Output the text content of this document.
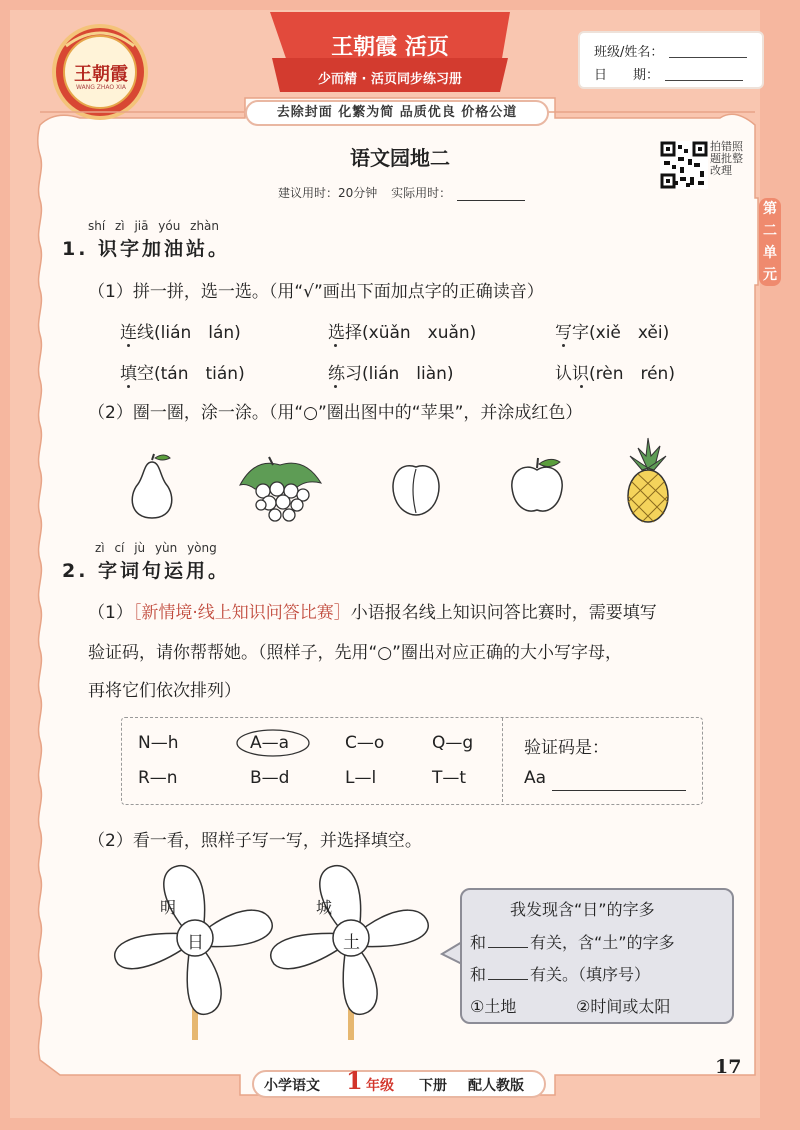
王朝霞
WANG ZHAO XIA
王朝霞 活页
少而精 · 活页同步练习册
去除封面 化繁为简 品质优良 价格公道
班级/姓名：
日　　期：
拍错照题批整改理
第二单元
语文园地二
建议用时：20分钟 实际用时：
shí zì jiā yóu zhàn
1. 识字加油站。
（1）拼一拼，选一选。（用“√”画出下面加点字的正确读音）
连线(lián　lán)	选择(xüǎn　xuǎn)	写字(xiě　xěi)
填空(tán　tián)	练习(lián　liàn)	认识(rèn　rén)
（2）圈一圈，涂一涂。（用“○”圈出图中的“苹果”，并涂成红色）
zì cí jù yùn yòng
2. 字词句运用。
（1）［新情境·线上知识问答比赛］小语报名线上知识问答比赛时，需要填写
验证码，请你帮帮她。（照样子，先用“○”圈出对应正确的大小写字母，
再将它们依次排列）
N—h	A—a	C—o	Q—g
R—n	B—d	L—l	T—t
验证码是：
Aa
（2）看一看，照样子写一写，并选择填空。
明
日
城
土
我发现含“日”的字多
和	有关，含“土”的字多
和	有关。（填序号）
①土地	②时间或太阳
小学语文 1 年级 下册 配人教版
17
